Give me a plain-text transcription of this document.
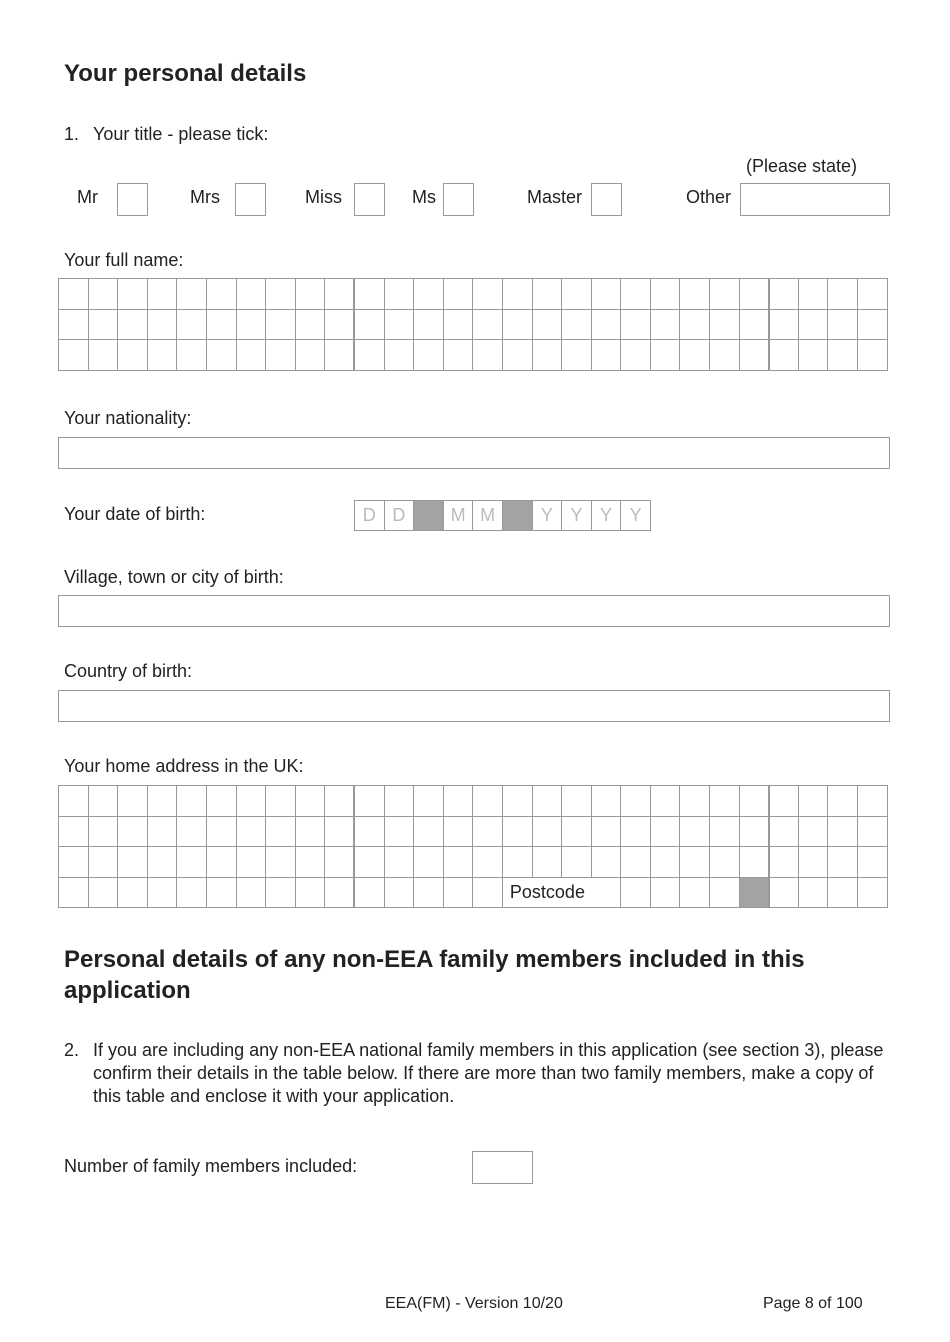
Your personal details
1. Your title - please tick:
(Please state)
Mr	Mrs	Miss	Ms	Master	Other
Your full name:

Your nationality:
Your date of birth:	D	D		M	M		Y	Y	Y	Y
Village, town or city of birth:
Country of birth:
Your home address in the UK:

															Postcode												
Personal details of any non-EEA family members included in this application
2. If you are including any non-EEA national family members in this application (see section 3), please confirm their details in the table below. If there are more than two family members, make a copy of this table and enclose it with your application.
Number of family members included:
EEA(FM) - Version 10/20	Page 8 of 100
